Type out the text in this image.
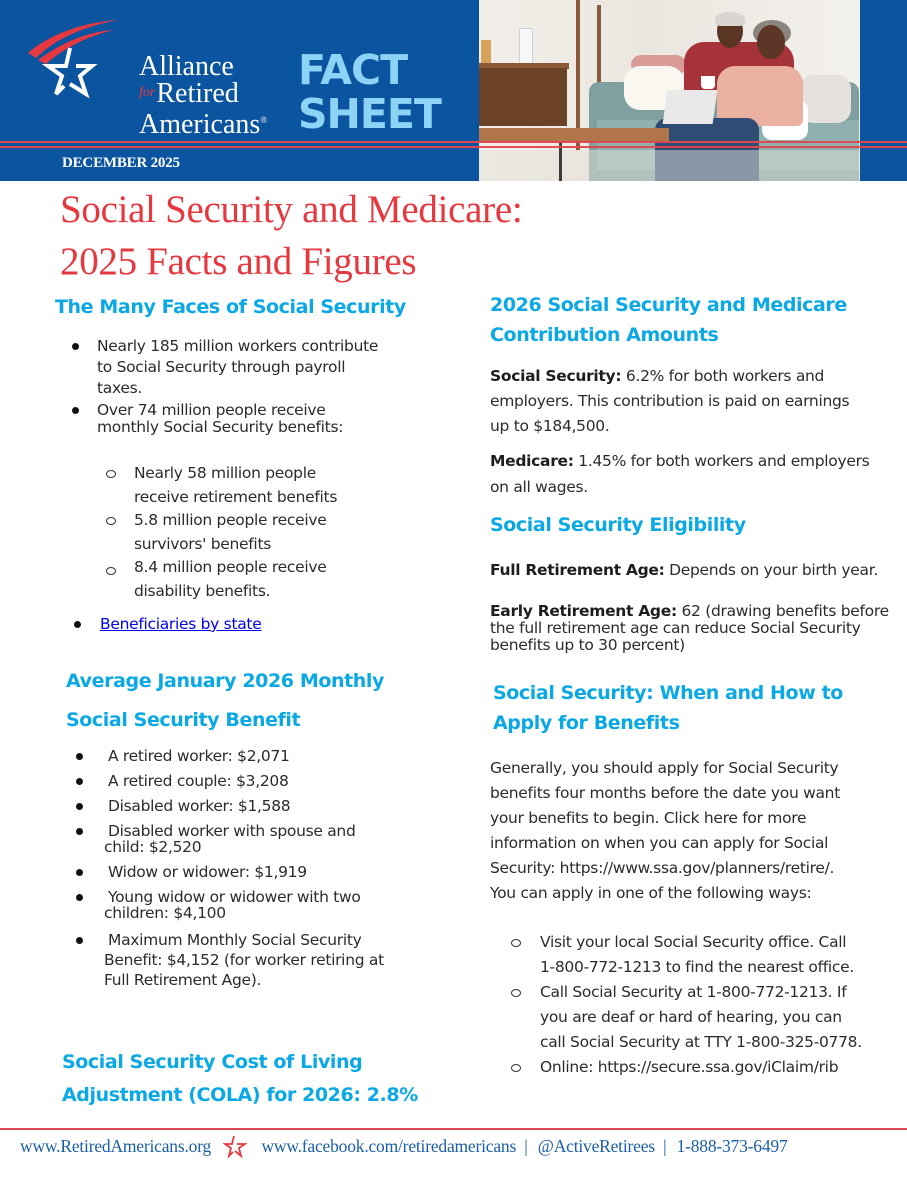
Alliance
$^{for}$Retired
Americans®
FACT
SHEET
DECEMBER 2025
Social Security and Medicare:
2025 Facts and Figures
The Many Faces of Social Security
Nearly 185 million workers contribute
to Social Security through payroll
taxes.
Over 74 million people receive
monthly Social Security benefits:
Nearly 58 million people
receive retirement benefits
5.8 million people receive
survivors' benefits
8.4 million people receive
disability benefits.
Beneficiaries by state
Average January 2026 Monthly
Social Security Benefit
A retired worker: $2,071
A retired couple: $3,208
Disabled worker: $1,588
Disabled worker with spouse and
child: $2,520
Widow or widower: $1,919
Young widow or widower with two
children: $4,100
Maximum Monthly Social Security
Benefit: $4,152 (for worker retiring at
Full Retirement Age).
Social Security Cost of Living
Adjustment (COLA) for 2026: 2.8%
2026 Social Security and Medicare
Contribution Amounts
Social Security: 6.2% for both workers and
employers. This contribution is paid on earnings
up to $184,500.
Medicare: 1.45% for both workers and employers
on all wages.
Social Security Eligibility
Full Retirement Age: Depends on your birth year.
Early Retirement Age: 62 (drawing benefits before
the full retirement age can reduce Social Security
benefits up to 30 percent)
Social Security: When and How to
Apply for Benefits
Generally, you should apply for Social Security
benefits four months before the date you want
your benefits to begin. Click here for more
information on when you can apply for Social
Security: https://www.ssa.gov/planners/retire/.
You can apply in one of the following ways:
Visit your local Social Security office. Call
1-800-772-1213 to find the nearest office.
Call Social Security at 1-800-772-1213. If
you are deaf or hard of hearing, you can
call Social Security at TTY 1-800-325-0778.
Online: https://secure.ssa.gov/iClaim/rib
www.RetiredAmericans.org	www.facebook.com/retiredamericans | @ActiveRetirees | 1-888-373-6497
